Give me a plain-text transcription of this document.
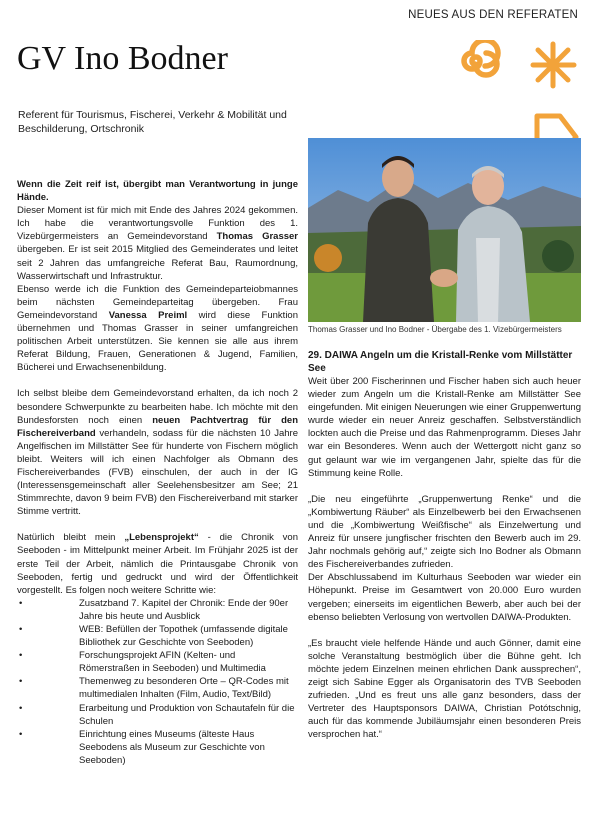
NEUES AUS DEN REFERATEN
GV Ino Bodner
Referent für Tourismus, Fischerei, Verkehr & Mobilität und Beschilderung, Ortschronik

Wenn die Zeit reif ist, übergibt man Verantwortung in junge Hände.

Dieser Moment ist für mich mit Ende des Jahres 2024 gekommen. Ich habe die verantwortungsvolle Funktion des 1. Vizebürgermeisters an Gemeindevorstand Thomas Grasser übergeben. Er ist seit 2015 Mitglied des Gemeinderates und leitet seit 2 Jahren das umfangreiche Referat Bau, Raumordnung, Wasserwirtschaft und Infrastruktur.

Ebenso werde ich die Funktion des Gemeindeparteiobmannes beim nächsten Gemeindeparteitag übergeben. Frau Gemeindevorstand Vanessa Preiml wird diese Funktion übernehmen und Thomas Grasser in seiner umfangreichen politischen Arbeit unterstützen. Sie kennen sie alle aus ihrem Referat Bildung, Frauen, Generationen & Jugend, Familien, Bücherei und Erwachsenenbildung.

Ich selbst bleibe dem Gemeindevorstand erhalten, da ich noch 2 besondere Schwerpunkte zu bearbeiten habe. Ich möchte mit den Bundesforsten noch einen neuen Pachtvertrag für den Fischereiverband verhandeln, sodass für die nächsten 10 Jahre Angelfischen im Millstätter See für hunderte von Fischern möglich bleibt. Weiters will ich einen Nachfolger als Obmann des Fischereiverbandes (FVB) einschulen, der auch in der IG (Interessensgemeinschaft aller Seelehensbesitzer am See; 21 Stimmrechte, davon 9 beim FVB) den Fischereiverband mit starker Stimme vertritt.

Natürlich bleibt mein „Lebensprojekt“ - die Chronik von Seeboden - im Mittelpunkt meiner Arbeit. Im Frühjahr 2025 ist der erste Teil der Arbeit, nämlich die Printausgabe Chronik von Seeboden, fertig und gedruckt und wird der Öffentlichkeit vorgestellt. Es folgen noch weitere Schritte wie:

• Zusatzband 7. Kapitel der Chronik: Ende der 90er Jahre bis heute und Ausblick
• WEB: Befüllen der Topothek (umfassende digitale Bibliothek zur Geschichte von Seeboden)
• Forschungsprojekt AFIN (Kelten- und Römerstraßen in Seeboden) und Multimedia
• Themenweg zu besonderen Orte – QR-Codes mit multimedialen Inhalten (Film, Audio, Text/Bild)
• Erarbeitung und Produktion von Schautafeln für die Schulen
• Einrichtung eines Museums (älteste Haus Seebodens als Museum zur Geschichte von Seeboden)
Thomas Grasser und Ino Bodner - Übergabe des 1. Vizebürgermeisters

29. DAIWA Angeln um die Kristall-Renke vom Millstätter See

Weit über 200 Fischerinnen und Fischer haben sich auch heuer wieder zum Angeln um die Kristall-Renke am Millstätter See eingefunden. Mit einigen Neuerungen wie einer Gruppenwertung wurde wieder ein neuer Anreiz geschaffen. Selbstverständlich lockten auch die Preise und das Rahmenprogramm. Dieses Jahr war ein Besonderes. Wenn auch der Wettergott nicht ganz so gut gelaunt war wie im vergangenen Jahr, spielte das für die Stimmung keine Rolle.

„Die neu eingeführte „Gruppenwertung Renke“ und die „Kombiwertung Räuber“ als Einzelbewerb bei den Erwachsenen und die „Kombiwertung Weißfische“ als Einzelwertung und Anreiz für unsere jungfischer frischten den Bewerb auch im 29. Jahr nochmals gehörig auf,“ zeigte sich Ino Bodner als Obmann des Fischereiverbandes zufrieden.

Der Abschlussabend im Kulturhaus Seeboden war wieder ein Höhepunkt. Preise im Gesamtwert von 20.000 Euro wurden vergeben; einerseits im eigentlichen Bewerb, aber auch bei der ebenso beliebten Verlosung von wertvollen DAIWA-Produkten.

„Es braucht viele helfende Hände und auch Gönner, damit eine solche Veranstaltung bestmöglich über die Bühne geht. Ich möchte jedem Einzelnen meinen ehrlichen Dank aussprechen“, zeigt sich Sabine Egger als Organisatorin des TVB Seeboden zufrieden. „Und es freut uns alle ganz besonders, dass der Vertreter des Hauptsponsors DAIWA, Christian Potótschnig, auch für das kommende Jubiläumsjahr einen besonderen Preis versprochen hat.“
